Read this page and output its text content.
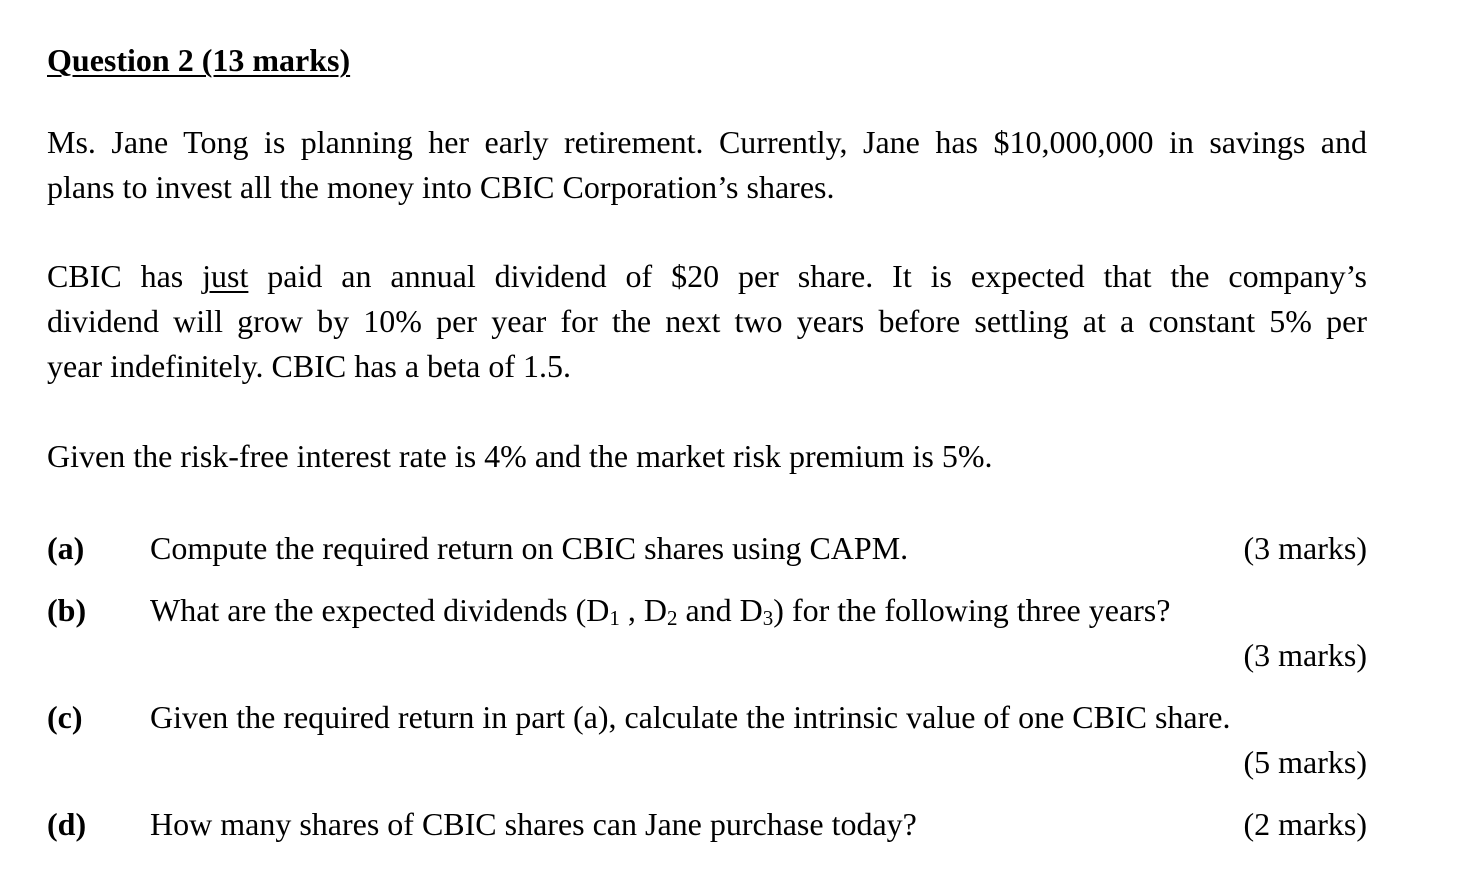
Question 2 (13 marks)
Ms. Jane Tong is planning her early retirement. Currently, Jane has $10,000,000 in savings and
plans to invest all the money into CBIC Corporation’s shares.
CBIC has just paid an annual dividend of $20 per share. It is expected that the company’s
dividend will grow by 10% per year for the next two years before settling at a constant 5% per
year indefinitely. CBIC has a beta of 1.5.
Given the risk-free interest rate is 4% and the market risk premium is 5%.
(a) Compute the required return on CBIC shares using CAPM.	(3 marks)
(b) What are the expected dividends ($D_1$ , $D_2$ and $D_3$) for the following three years?
(3 marks)
(c) Given the required return in part (a), calculate the intrinsic value of one CBIC share.
(5 marks)
(d) How many shares of CBIC shares can Jane purchase today?	(2 marks)
